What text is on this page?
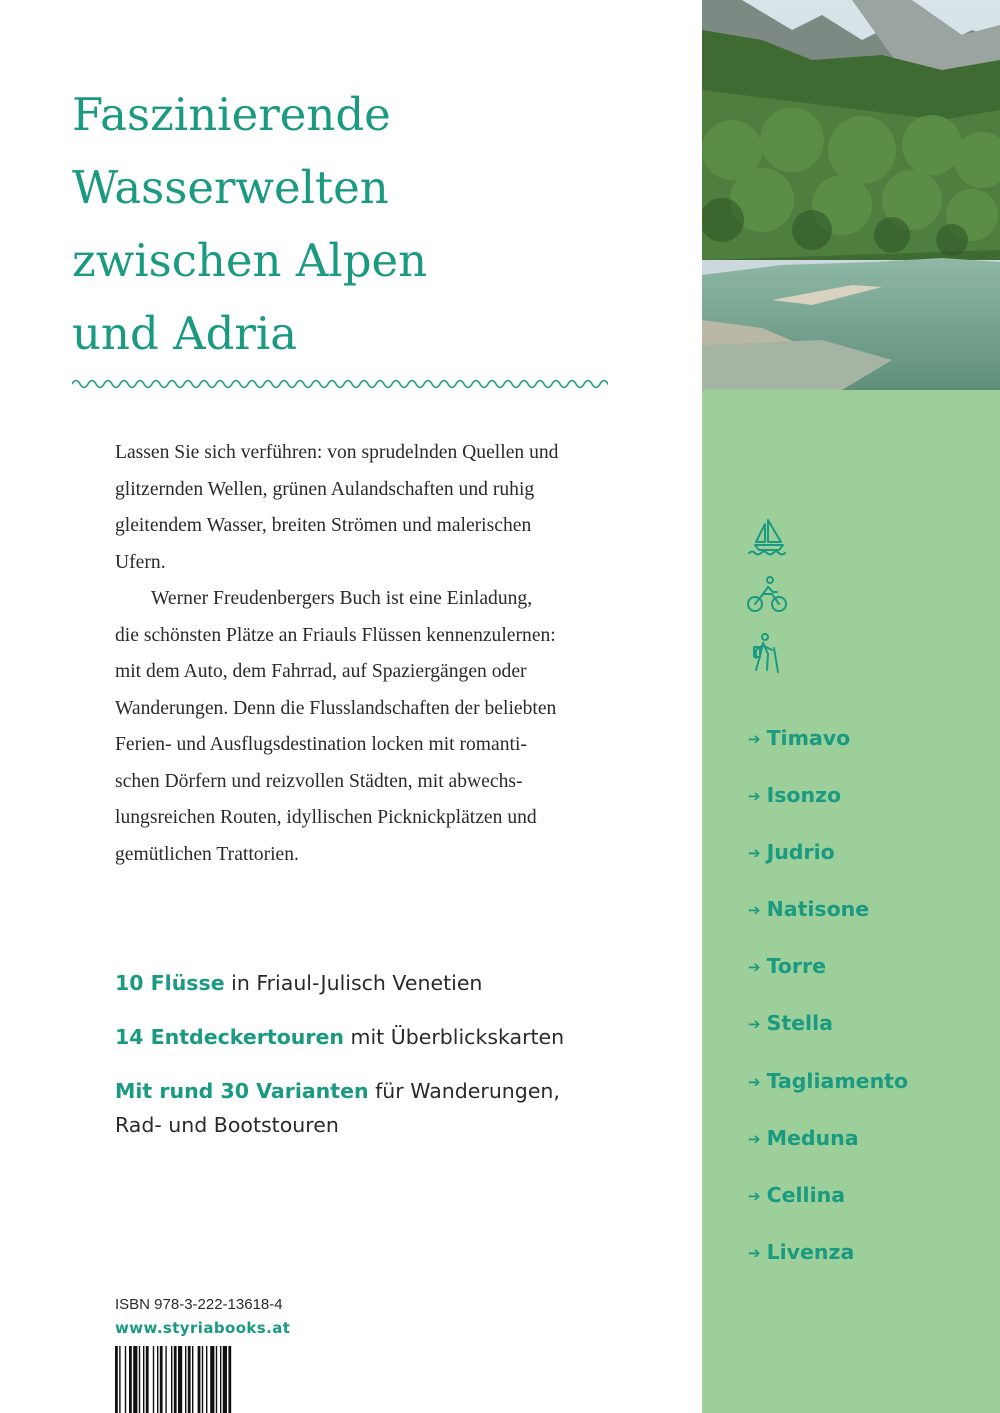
Faszinierende
Wasserwelten
zwischen Alpen
und Adria
Lassen Sie sich verführen: von sprudelnden Quellen und
glitzernden Wellen, grünen Aulandschaften und ruhig
gleitendem Wasser, breiten Strömen und malerischen
Ufern.
Werner Freudenbergers Buch ist eine Einladung,
die schönsten Plätze an Friauls Flüssen kennenzulernen:
mit dem Auto, dem Fahrrad, auf Spaziergängen oder
Wanderungen. Denn die Flusslandschaften der beliebten
Ferien- und Ausflugsdestination locken mit romanti-
schen Dörfern und reizvollen Städten, mit abwechs-
lungsreichen Routen, idyllischen Picknickplätzen und
gemütlichen Trattorien.

10 Flüsse in Friaul-Julisch Venetien

14 Entdeckertouren mit Überblickskarten

Mit rund 30 Varianten für Wanderungen,
Rad- und Bootstouren

ISBN 978-3-222-13618-4
www.styriabooks.at
➔ Timavo
➔ Isonzo
➔ Judrio
➔ Natisone
➔ Torre
➔ Stella
➔ Tagliamento
➔ Meduna
➔ Cellina
➔ Livenza
